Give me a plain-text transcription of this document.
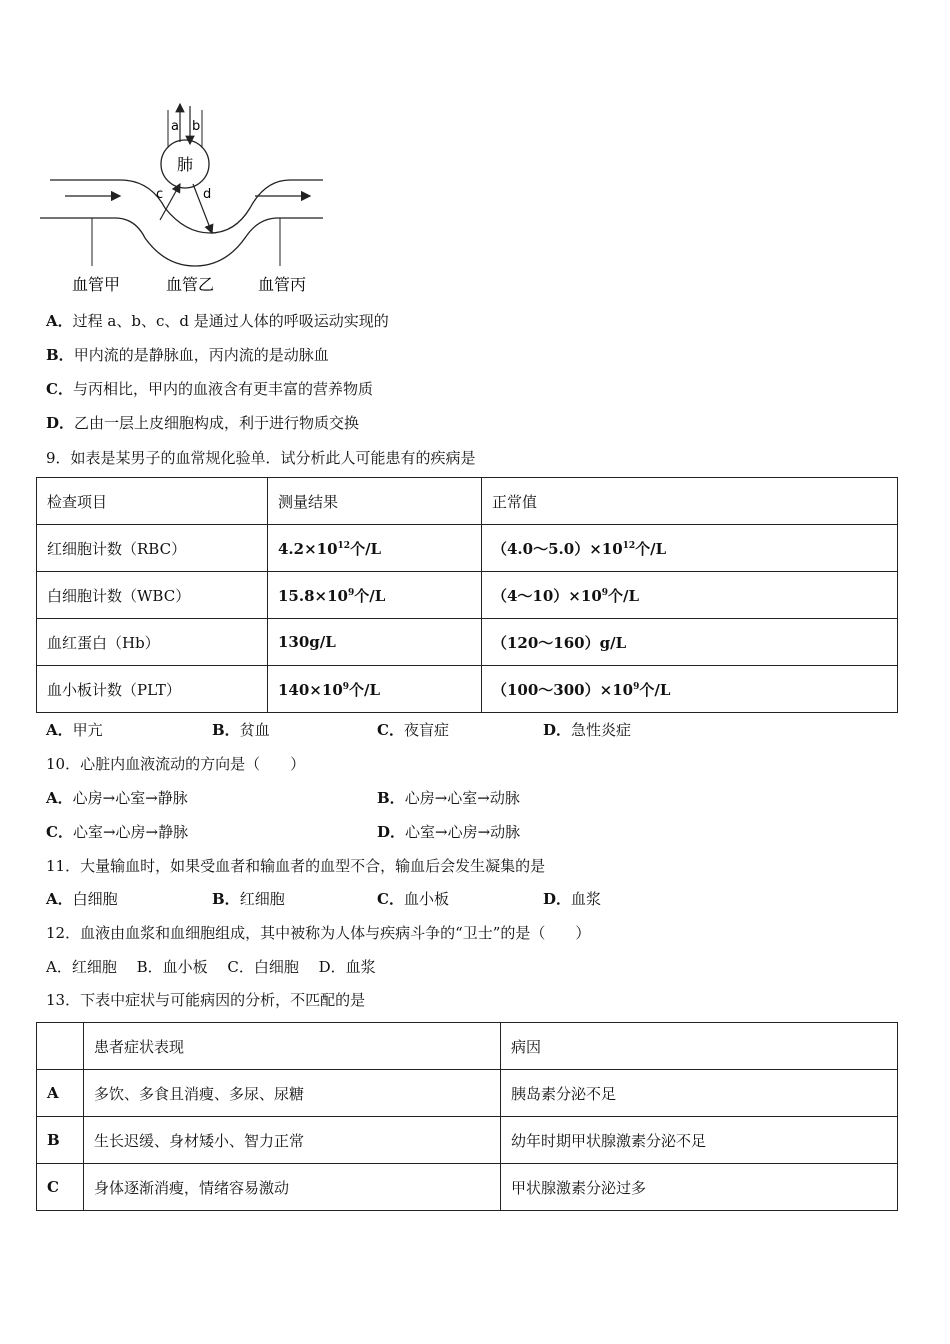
肺
a b
c	d
血管甲	血管乙	血管丙
A．过程 a、b、c、d 是通过人体的呼吸运动实现的
B．甲内流的是静脉血，丙内流的是动脉血
C．与丙相比，甲内的血液含有更丰富的营养物质
D．乙由一层上皮细胞构成，利于进行物质交换
9．如表是某男子的血常规化验单．试分析此人可能患有的疾病是
检查项目	测量结果	正常值
红细胞计数（RBC）	$4.2\times 10^{12}$个/L	$(4.0\sim 5.0)\times 10^{12}$个/L
白细胞计数（WBC）	$15.8\times 10^9$个/L	$(4\sim 10)\times 10^9$个/L
血红蛋白（Hb）	130g/L	（120～160）g/L
血小板计数（PLT）	$140\times 10^9$个/L	$(100\sim 300)\times 10^9$个/L
A．甲亢	B．贫血	C．夜盲症	D．急性炎症
10．心脏内血液流动的方向是（　　）
A．心房→心室→静脉	B．心房→心室→动脉
C．心室→心房→静脉	D．心室→心房→动脉
11．大量输血时，如果受血者和输血者的血型不合，输血后会发生凝集的是
A．白细胞	B．红细胞	C．血小板	D．血浆
12．血液由血浆和血细胞组成，其中被称为人体与疾病斗争的“卫士”的是（　　）
A．红细胞　 B．血小板　 C．白细胞　 D．血浆
13．下表中症状与可能病因的分析，不匹配的是
	患者症状表现	病因
A	多饮、多食且消瘦、多尿、尿糖	胰岛素分泌不足
B	生长迟缓、身材矮小、智力正常	幼年时期甲状腺激素分泌不足
C	身体逐渐消瘦，情绪容易激动	甲状腺激素分泌过多
